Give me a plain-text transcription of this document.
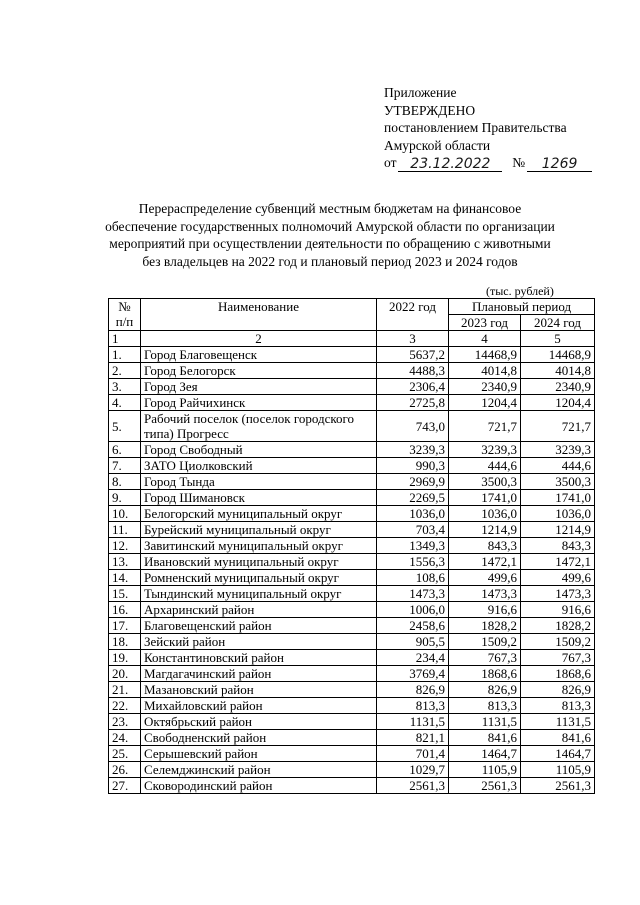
Приложение
УТВЕРЖДЕНО
постановлением Правительства
Амурской области
от 23.12.2022	№	1269
Перераспределение субвенций местным бюджетам на финансовое
обеспечение государственных полномочий Амурской области по организации
мероприятий при осуществлении деятельности по обращению с животными
без владельцев на 2022 год и плановый период 2023 и 2024 годов
(тыс. рублей)
№ п/п	Наименование	2022 год	Плановый период	
			2023 год	2024 год
1	2	3	4	5
1.	Город Благовещенск	5637,2	14468,9	14468,9
2.	Город Белогорск	4488,3	4014,8	4014,8
3.	Город Зея	2306,4	2340,9	2340,9
4.	Город Райчихинск	2725,8	1204,4	1204,4
5.	Рабочий поселок (поселок городского типа) Прогресс	743,0	721,7	721,7
6.	Город Свободный	3239,3	3239,3	3239,3
7.	ЗАТО Циолковский	990,3	444,6	444,6
8.	Город Тында	2969,9	3500,3	3500,3
9.	Город Шимановск	2269,5	1741,0	1741,0
10.	Белогорский муниципальный округ	1036,0	1036,0	1036,0
11.	Бурейский муниципальный округ	703,4	1214,9	1214,9
12.	Завитинский муниципальный округ	1349,3	843,3	843,3
13.	Ивановский муниципальный округ	1556,3	1472,1	1472,1
14.	Ромненский муниципальный округ	108,6	499,6	499,6
15.	Тындинский муниципальный округ	1473,3	1473,3	1473,3
16.	Архаринский район	1006,0	916,6	916,6
17.	Благовещенский район	2458,6	1828,2	1828,2
18.	Зейский район	905,5	1509,2	1509,2
19.	Константиновский район	234,4	767,3	767,3
20.	Магдагачинский район	3769,4	1868,6	1868,6
21.	Мазановский район	826,9	826,9	826,9
22.	Михайловский район	813,3	813,3	813,3
23.	Октябрьский район	1131,5	1131,5	1131,5
24.	Свободненский район	821,1	841,6	841,6
25.	Серышевский район	701,4	1464,7	1464,7
26.	Селемджинский район	1029,7	1105,9	1105,9
27.	Сковородинский район	2561,3	2561,3	2561,3
